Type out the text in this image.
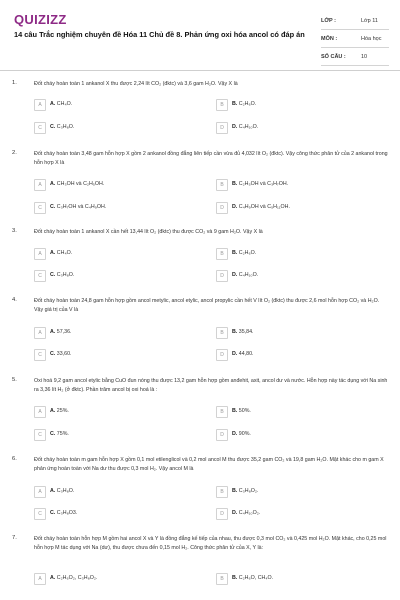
QUIZIZZ
14 câu Trắc nghiệm chuyên đề Hóa 11 Chủ đề 8. Phản ứng oxi hóa ancol có đáp án
LỚP :	Lớp 11
MÔN :	Hóa học
SỐ CÂU :	10
1.	Đốt cháy hoàn toàn 1 ankanol X thu được 2,24 lít CO₂ (đktc) và 3,6 gam H₂O. Vậy X là
A	A. CH₄O.	B	B. C₂H₆O.
C	C. C₃H₈O.	D	D. C₄H₁₀O.
2.	Đốt cháy hoàn toàn 3,48 gam hỗn hợp X gồm 2 ankanol đồng đẳng liên tiếp cần vừa đủ 4,032 lít O₂ (đktc). Vậy công thức phân tử của 2 ankanol trong hỗn hợp X là
A	A. CH₃OH và C₂H₅OH.	B	B. C₂H₅OH và C₃H₇OH.
C	C. C₃H₇OH và C₄H₉OH.	D	D. C₄H₉OH và C₅H₁₁OH.
3.	Đốt cháy hoàn toàn 1 ankanol X cần hết 13,44 lít O₂ (đktc) thu được CO₂ và 9 gam H₂O. Vậy X là
A	A. CH₄O.	B	B. C₂H₆O.
C	C. C₃H₈O.	D	D. C₄H₁₀O.
4.	Đốt cháy hoàn toàn 24,8 gam hỗn hợp gồm ancol metylic, ancol etylic, ancol propylic cần hết V lít O₂ (đktc) thu được 2,6 mol hỗn hợp CO₂ và H₂O. Vậy giá trị của V là
A	A. 57,36.	B	B. 35,84.
C	C. 33,60.	D	D. 44,80.
5.	Oxi hoá 9,2 gam ancol etylic bằng CuO đun nóng thu được 13,2 gam hỗn hợp gồm anđehit, axit, ancol dư và nước. Hỗn hợp này tác dụng với Na sinh ra 3,36 lít H₂ (ở đktc). Phần trăm ancol bị oxi hoá là :
A	A. 25%.	B	B. 50%.
C	C. 75%.	D	D. 90%.
6.	Đốt cháy hoàn toàn m gam hỗn hợp X gồm 0,1 mol etilenglicol và 0,2 mol ancol M thu được 35,2 gam CO₂ và 19,8 gam H₂O. Mặt khác cho m gam X phản ứng hoàn toàn với Na dư thu được 0,3 mol H₂. Vậy ancol M là
A	A. C₃H₈O.	B	B. C₃H₈O₂.
C	C. C₃H₈O3.	D	D. C₄H₁₀O₂.
7.	Đốt cháy hoàn toàn hỗn hợp M gồm hai ancol X và Y là đồng đẳng kế tiếp của nhau, thu được 0,3 mol CO₂ và 0,425 mol H₂O. Mặt khác, cho 0,25 mol hỗn hợp M tác dụng với Na (dư), thu được chưa đến 0,15 mol H₂. Công thức phân tử của X, Y là:
A	A. C₂H₆O₂, C₃H₈O₂.	B	B. C₂H₆O, CH₄O.
